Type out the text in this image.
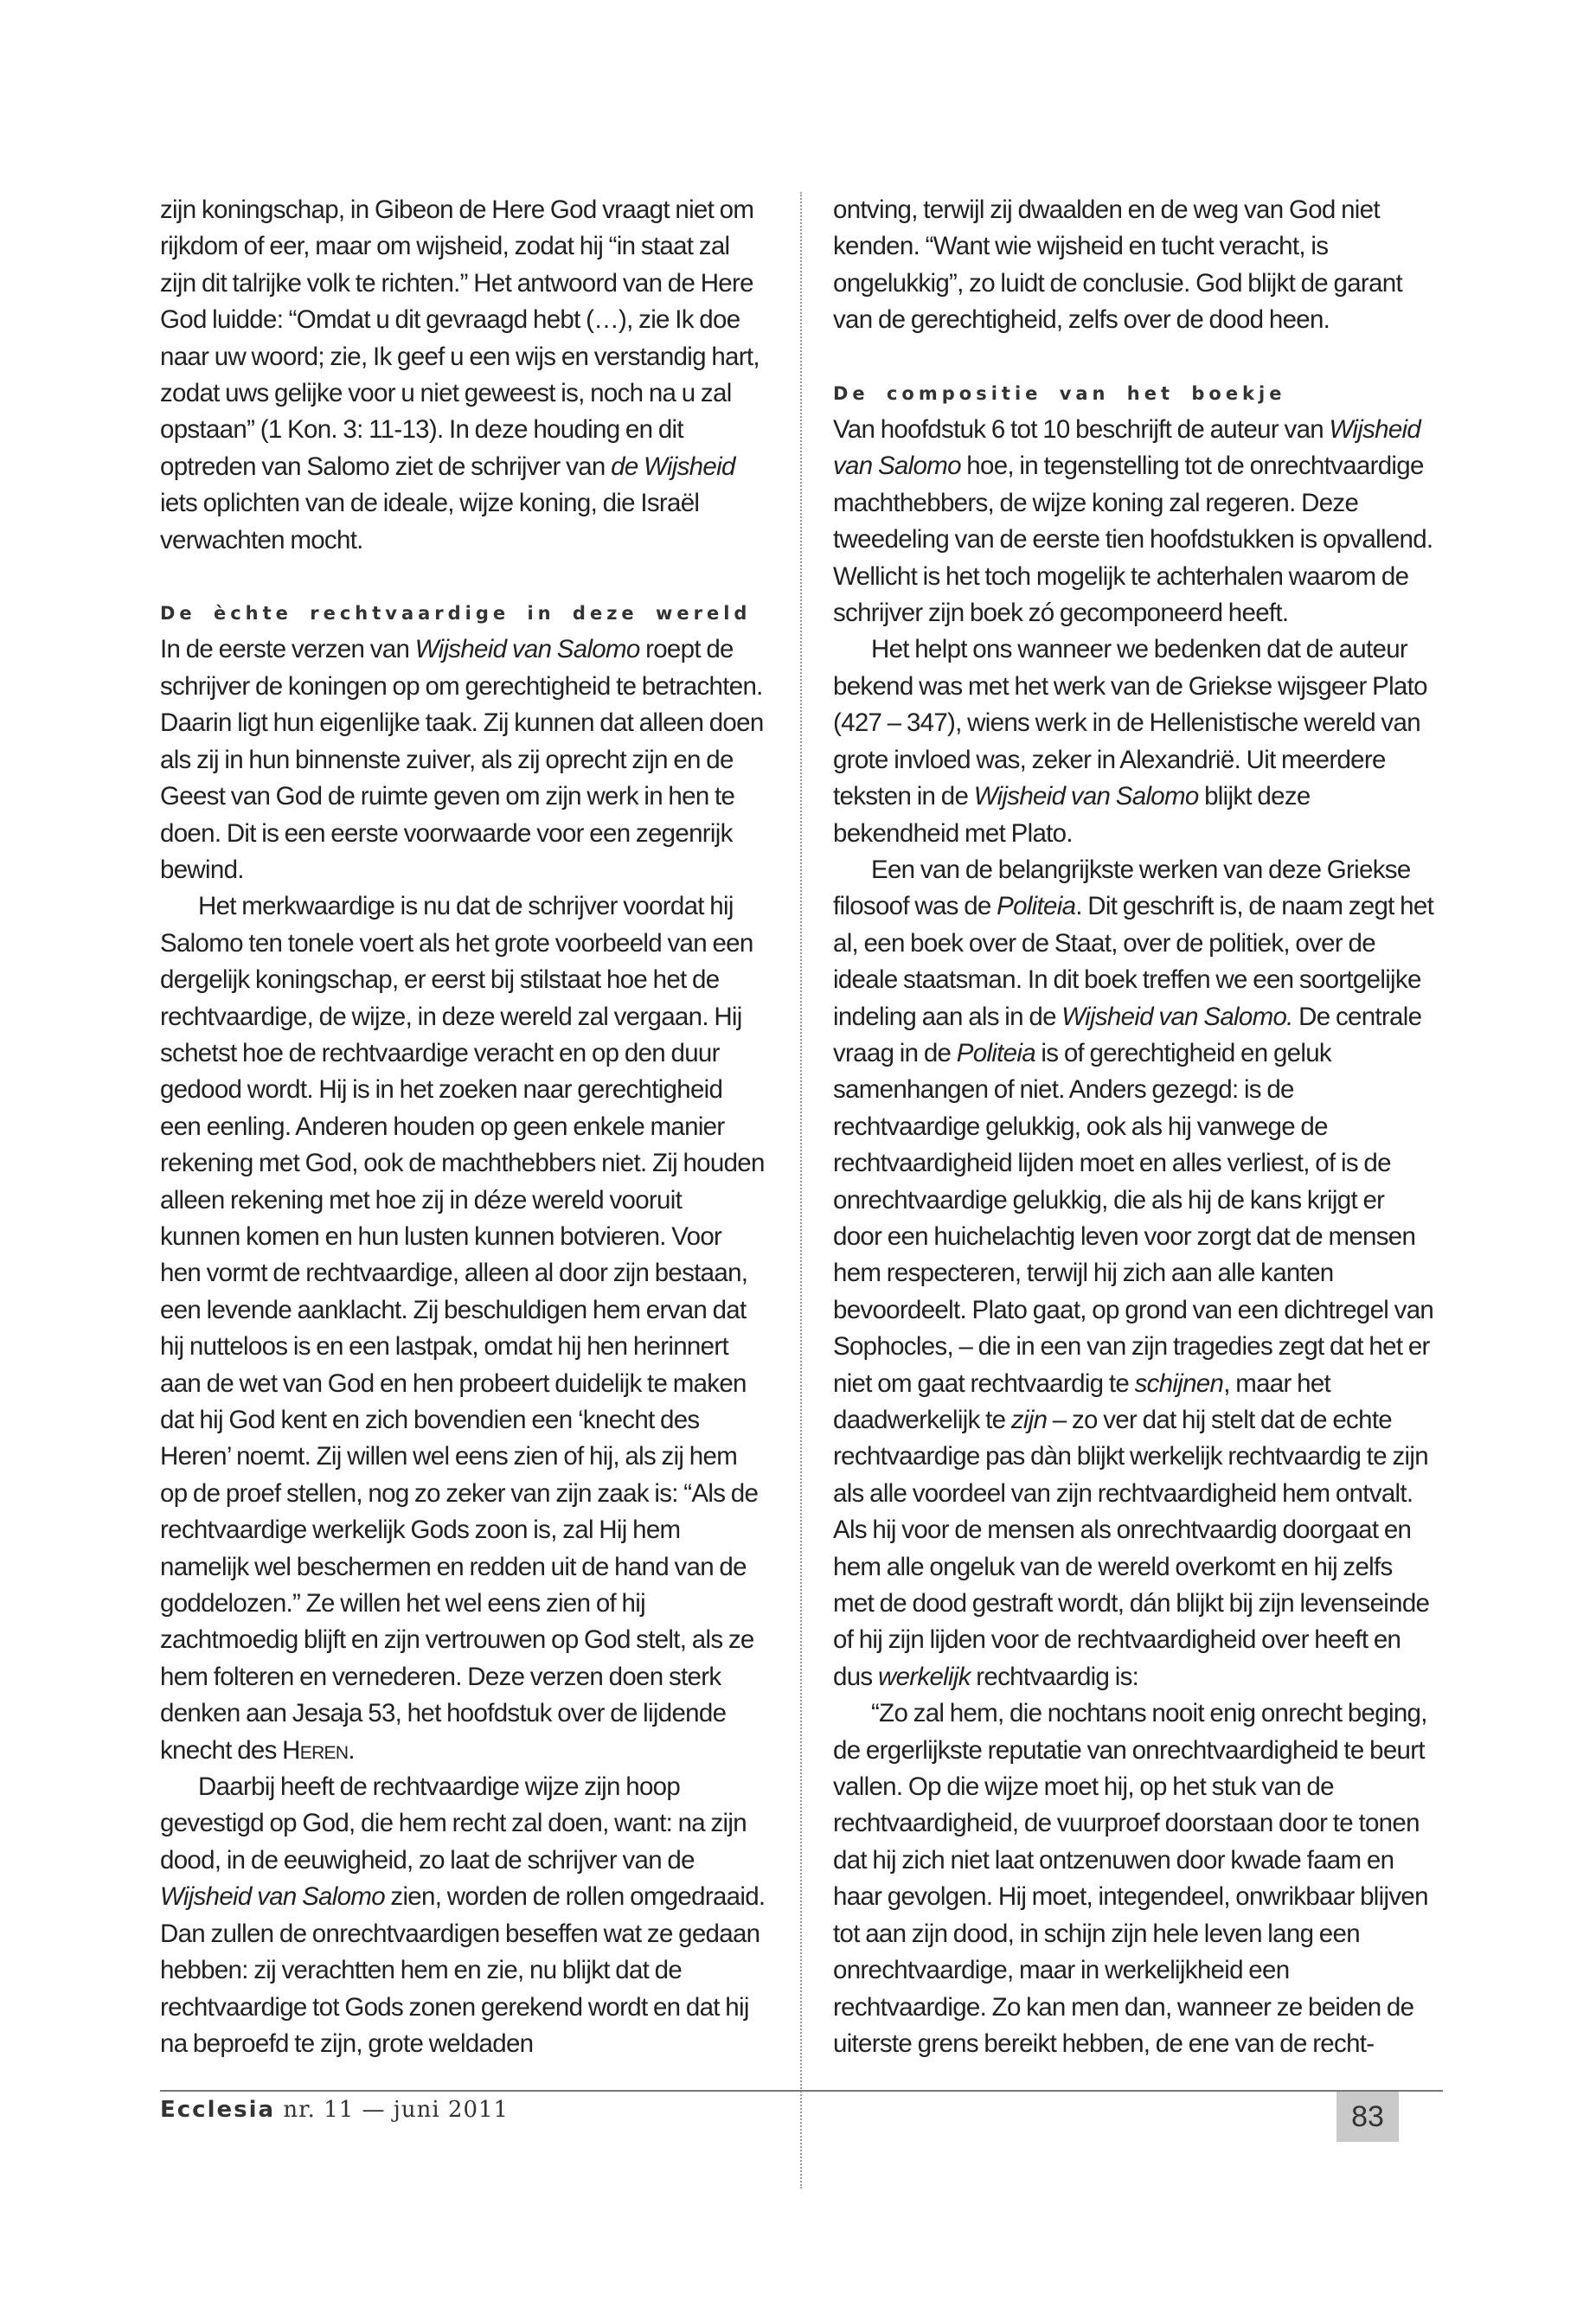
zijn koningschap, in Gibeon de Here God vraagt niet om rijkdom of eer, maar om wijsheid, zodat hij “in staat zal zijn dit talrijke volk te richten.” Het antwoord van de Here God luidde: “Omdat u dit gevraagd hebt (…), zie Ik doe naar uw woord; zie, Ik geef u een wijs en verstandig hart, zodat uws gelijke voor u niet geweest is, noch na u zal opstaan” (1 Kon. 3: 11-13). In deze houding en dit optreden van Salomo ziet de schrijver van de Wijsheid iets oplichten van de ideale, wijze koning, die Israël verwachten mocht.

De èchte rechtvaardige in deze wereld

In de eerste verzen van Wijsheid van Salomo roept de schrijver de koningen op om gerechtigheid te betrachten. Daarin ligt hun eigenlijke taak. Zij kunnen dat alleen doen als zij in hun binnenste zuiver, als zij oprecht zijn en de Geest van God de ruimte geven om zijn werk in hen te doen. Dit is een eerste voorwaarde voor een zegenrijk bewind.

Het merkwaardige is nu dat de schrijver voordat hij Salomo ten tonele voert als het grote voorbeeld van een dergelijk koningschap, er eerst bij stilstaat hoe het de rechtvaardige, de wijze, in deze wereld zal vergaan. Hij schetst hoe de rechtvaardige veracht en op den duur gedood wordt. Hij is in het zoeken naar gerechtigheid een eenling. Anderen houden op geen enkele manier rekening met God, ook de machthebbers niet. Zij houden alleen rekening met hoe zij in déze wereld vooruit kunnen komen en hun lusten kunnen botvieren. Voor hen vormt de rechtvaardige, alleen al door zijn bestaan, een levende aanklacht. Zij beschuldigen hem ervan dat hij nutteloos is en een lastpak, omdat hij hen herinnert aan de wet van God en hen probeert duidelijk te maken dat hij God kent en zich bovendien een ‘knecht des Heren’ noemt. Zij willen wel eens zien of hij, als zij hem op de proef stellen, nog zo zeker van zijn zaak is: “Als de rechtvaardige werkelijk Gods zoon is, zal Hij hem namelijk wel beschermen en redden uit de hand van de goddelozen.” Ze willen het wel eens zien of hij zachtmoedig blijft en zijn vertrouwen op God stelt, als ze hem folteren en vernederen. Deze verzen doen sterk denken aan Jesaja 53, het hoofdstuk over de lijdende knecht des Heren.

Daarbij heeft de rechtvaardige wijze zijn hoop gevestigd op God, die hem recht zal doen, want: na zijn dood, in de eeuwigheid, zo laat de schrijver van de Wijsheid van Salomo zien, worden de rollen omgedraaid. Dan zullen de onrechtvaardigen beseffen wat ze gedaan hebben: zij verachtten hem en zie, nu blijkt dat de rechtvaardige tot Gods zonen gerekend wordt en dat hij na beproefd te zijn, grote weldaden

ontving, terwijl zij dwaalden en de weg van God niet kenden. “Want wie wijsheid en tucht veracht, is ongelukkig”, zo luidt de conclusie. God blijkt de garant van de gerechtigheid, zelfs over de dood heen.

De compositie van het boekje

Van hoofdstuk 6 tot 10 beschrijft de auteur van Wijsheid van Salomo hoe, in tegenstelling tot de onrechtvaardige machthebbers, de wijze koning zal regeren. Deze tweedeling van de eerste tien hoofdstukken is opvallend. Wellicht is het toch mogelijk te achterhalen waarom de schrijver zijn boek zó gecomponeerd heeft.

Het helpt ons wanneer we bedenken dat de auteur bekend was met het werk van de Griekse wijsgeer Plato (427 – 347), wiens werk in de Hellenistische wereld van grote invloed was, zeker in Alexandrië. Uit meerdere teksten in de Wijsheid van Salomo blijkt deze bekendheid met Plato.

Een van de belangrijkste werken van deze Griekse filosoof was de Politeia. Dit geschrift is, de naam zegt het al, een boek over de Staat, over de politiek, over de ideale staatsman. In dit boek treffen we een soortgelijke indeling aan als in de Wijsheid van Salomo. De centrale vraag in de Politeia is of gerechtigheid en geluk samenhangen of niet. Anders gezegd: is de rechtvaardige gelukkig, ook als hij vanwege de rechtvaardigheid lijden moet en alles verliest, of is de onrechtvaardige gelukkig, die als hij de kans krijgt er door een huichelachtig leven voor zorgt dat de mensen hem respecteren, terwijl hij zich aan alle kanten bevoordeelt. Plato gaat, op grond van een dichtregel van Sophocles, – die in een van zijn tragedies zegt dat het er niet om gaat rechtvaardig te schijnen, maar het daadwerkelijk te zijn – zo ver dat hij stelt dat de echte rechtvaardige pas dàn blijkt werkelijk rechtvaardig te zijn als alle voordeel van zijn rechtvaardigheid hem ontvalt. Als hij voor de mensen als onrechtvaardig doorgaat en hem alle ongeluk van de wereld overkomt en hij zelfs met de dood gestraft wordt, dán blijkt bij zijn levenseinde of hij zijn lijden voor de rechtvaardigheid over heeft en dus werkelijk rechtvaardig is:

“Zo zal hem, die nochtans nooit enig onrecht beging, de ergerlijkste reputatie van onrechtvaardigheid te beurt vallen. Op die wijze moet hij, op het stuk van de rechtvaardigheid, de vuurproef doorstaan door te tonen dat hij zich niet laat ontzenuwen door kwade faam en haar gevolgen. Hij moet, integendeel, onwrikbaar blijven tot aan zijn dood, in schijn zijn hele leven lang een onrechtvaardige, maar in werkelijkheid een rechtvaardige. Zo kan men dan, wanneer ze beiden de uiterste grens bereikt hebben, de ene van de recht-

Ecclesia nr. 11 — juni 2011	83
